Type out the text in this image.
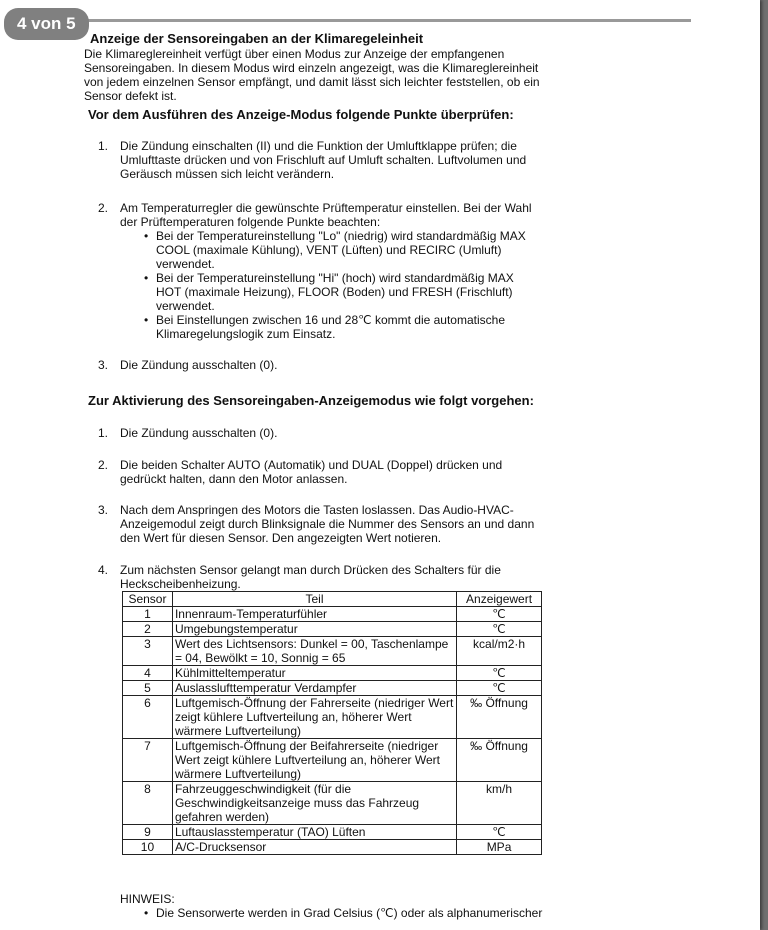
4 von 5
Anzeige der Sensoreingaben an der Klimaregeleinheit

Die Klimareglereinheit verfügt über einen Modus zur Anzeige der empfangenen Sensoreingaben. In diesem Modus wird einzeln angezeigt, was die Klimareglereinheit von jedem einzelnen Sensor empfängt, und damit lässt sich leichter feststellen, ob ein Sensor defekt ist.

Vor dem Ausführen des Anzeige-Modus folgende Punkte überprüfen:
1. Die Zündung einschalten (II) und die Funktion der Umluftklappe prüfen; die Umlufttaste drücken und von Frischluft auf Umluft schalten. Luftvolumen und Geräusch müssen sich leicht verändern.
2. Am Temperaturregler die gewünschte Prüftemperatur einstellen. Bei der Wahl der Prüftemperaturen folgende Punkte beachten:
• Bei der Temperatureinstellung "Lo" (niedrig) wird standardmäßig MAX COOL (maximale Kühlung), VENT (Lüften) und RECIRC (Umluft) verwendet.
• Bei der Temperatureinstellung "Hi" (hoch) wird standardmäßig MAX HOT (maximale Heizung), FLOOR (Boden) und FRESH (Frischluft) verwendet.
• Bei Einstellungen zwischen 16 und 28℃ kommt die automatische Klimaregelungslogik zum Einsatz.
3. Die Zündung ausschalten (0).
Zur Aktivierung des Sensoreingaben-Anzeigemodus wie folgt vorgehen:
1. Die Zündung ausschalten (0).
2. Die beiden Schalter AUTO (Automatik) und DUAL (Doppel) drücken und gedrückt halten, dann den Motor anlassen.
3. Nach dem Anspringen des Motors die Tasten loslassen. Das Audio-HVAC-Anzeigemodul zeigt durch Blinksignale die Nummer des Sensors an und dann den Wert für diesen Sensor. Den angezeigten Wert notieren.
4. Zum nächsten Sensor gelangt man durch Drücken des Schalters für die Heckscheibenheizung.
Sensor	Teil	Anzeigewert
1	Innenraum-Temperaturfühler	℃
2	Umgebungstemperatur	℃
3	Wert des Lichtsensors: Dunkel = 00, Taschenlampe = 04, Bewölkt = 10, Sonnig = 65	kcal/m2·h
4	Kühlmitteltemperatur	℃
5	Auslasslufttemperatur Verdampfer	℃
6	Luftgemisch-Öffnung der Fahrerseite (niedriger Wert zeigt kühlere Luftverteilung an, höherer Wert wärmere Luftverteilung)	‰ Öffnung
7	Luftgemisch-Öffnung der Beifahrerseite (niedriger Wert zeigt kühlere Luftverteilung an, höherer Wert wärmere Luftverteilung)	‰ Öffnung
8	Fahrzeuggeschwindigkeit (für die Geschwindigkeitsanzeige muss das Fahrzeug gefahren werden)	km/h
9	Luftauslasstemperatur (TAO) Lüften	℃
10	A/C-Drucksensor	MPa

HINWEIS:

• Die Sensorwerte werden in Grad Celsius (℃) oder als alphanumerischer
